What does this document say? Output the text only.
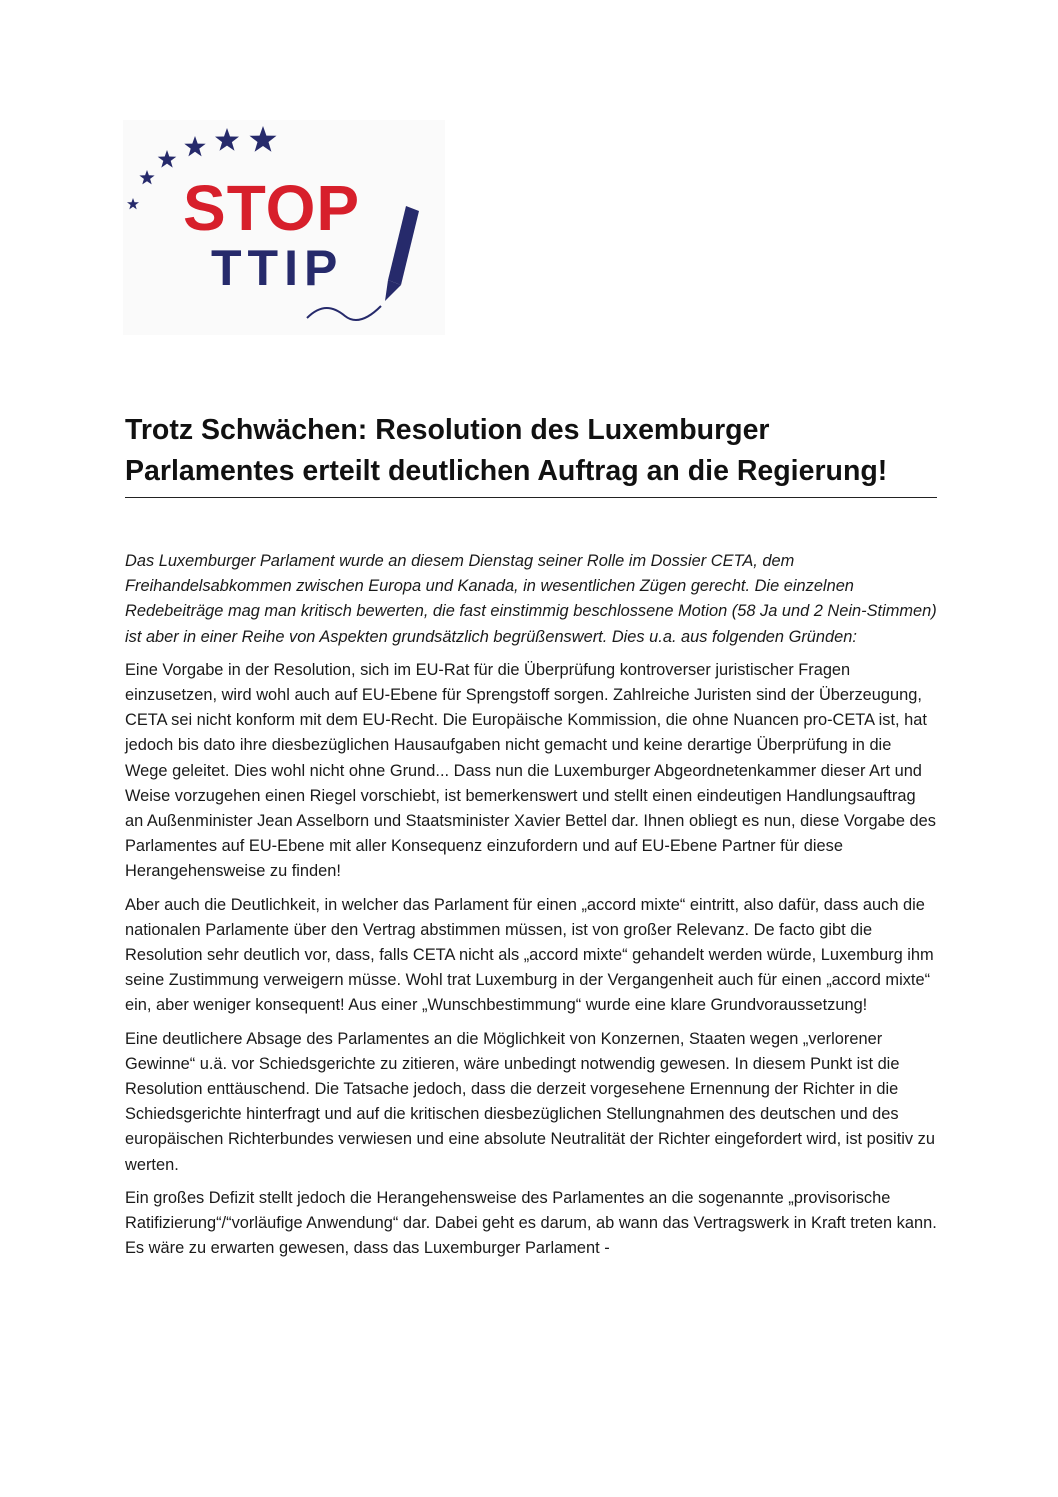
STOP
TTIP
Trotz Schwächen: Resolution des Luxemburger Parlamentes erteilt deutlichen Auftrag an die Regierung!

Das Luxemburger Parlament wurde an diesem Dienstag seiner Rolle im Dossier CETA, dem Freihandelsabkommen zwischen Europa und Kanada, in wesentlichen Zügen gerecht. Die einzelnen Redebeiträge mag man kritisch bewerten, die fast einstimmig beschlossene Motion (58 Ja und 2 Nein-Stimmen) ist aber in einer Reihe von Aspekten grundsätzlich begrüßenswert. Dies u.a. aus folgenden Gründen:

Eine Vorgabe in der Resolution, sich im EU-Rat für die Überprüfung kontroverser juristischer Fragen einzusetzen, wird wohl auch auf EU-Ebene für Sprengstoff sorgen. Zahlreiche Juristen sind der Überzeugung, CETA sei nicht konform mit dem EU-Recht. Die Europäische Kommission, die ohne Nuancen pro-CETA ist, hat jedoch bis dato ihre diesbezüglichen Hausaufgaben nicht gemacht und keine derartige Überprüfung in die Wege geleitet. Dies wohl nicht ohne Grund... Dass nun die Luxemburger Abgeordnetenkammer dieser Art und Weise vorzugehen einen Riegel vorschiebt, ist bemerkenswert und stellt einen eindeutigen Handlungsauftrag an Außenminister Jean Asselborn und Staatsminister Xavier Bettel dar. Ihnen obliegt es nun, diese Vorgabe des Parlamentes auf EU-Ebene mit aller Konsequenz einzufordern und auf EU-Ebene Partner für diese Herangehensweise zu finden!

Aber auch die Deutlichkeit, in welcher das Parlament für einen „accord mixte“ eintritt, also dafür, dass auch die nationalen Parlamente über den Vertrag abstimmen müssen, ist von großer Relevanz. De facto gibt die Resolution sehr deutlich vor, dass, falls CETA nicht als „accord mixte“ gehandelt werden würde, Luxemburg ihm seine Zustimmung verweigern müsse. Wohl trat Luxemburg in der Vergangenheit auch für einen „accord mixte“ ein, aber weniger konsequent! Aus einer „Wunschbestimmung“ wurde eine klare Grundvoraussetzung!

Eine deutlichere Absage des Parlamentes an die Möglichkeit von Konzernen, Staaten wegen „verlorener Gewinne“ u.ä. vor Schiedsgerichte zu zitieren, wäre unbedingt notwendig gewesen. In diesem Punkt ist die Resolution enttäuschend. Die Tatsache jedoch, dass die derzeit vorgesehene Ernennung der Richter in die Schiedsgerichte hinterfragt und auf die kritischen diesbezüglichen Stellungnahmen des deutschen und des europäischen Richterbundes verwiesen und eine absolute Neutralität der Richter eingefordert wird, ist positiv zu werten.

Ein großes Defizit stellt jedoch die Herangehensweise des Parlamentes an die sogenannte „provisorische Ratifizierung“/“vorläufige Anwendung“ dar. Dabei geht es darum, ab wann das Vertragswerk in Kraft treten kann. Es wäre zu erwarten gewesen, dass das Luxemburger Parlament -
